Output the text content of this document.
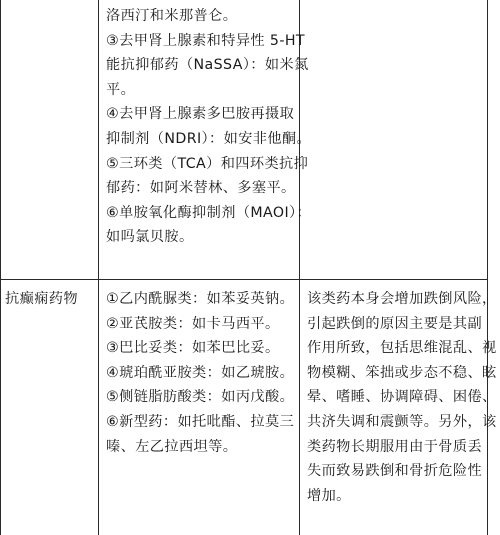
洛西汀和米那普仑。
③去甲肾上腺素和特异性 5-HT
能抗抑郁药（NaSSA）：如米氮
平。
④去甲肾上腺素多巴胺再摄取
抑制剂（NDRI）：如安非他酮。
⑤三环类（TCA）和四环类抗抑
郁药：如阿米替林、多塞平。
⑥单胺氧化酶抑制剂（MAOI）：
如吗氯贝胺。
抗癫痫药物 ①乙内酰脲类：如苯妥英钠。
②亚芪胺类：如卡马西平。
③巴比妥类：如苯巴比妥。
④琥珀酰亚胺类：如乙琥胺。
⑤侧链脂肪酸类：如丙戊酸。
⑥新型药：如托吡酯、拉莫三
嗪、左乙拉西坦等。
该类药本身会增加跌倒风险，
引起跌倒的原因主要是其副
作用所致，包括思维混乱、视
物模糊、笨拙或步态不稳、眩
晕、嗜睡、协调障碍、困倦、
共济失调和震颤等。另外，该
类药物长期服用由于骨质丢
失而致易跌倒和骨折危险性
增加。
